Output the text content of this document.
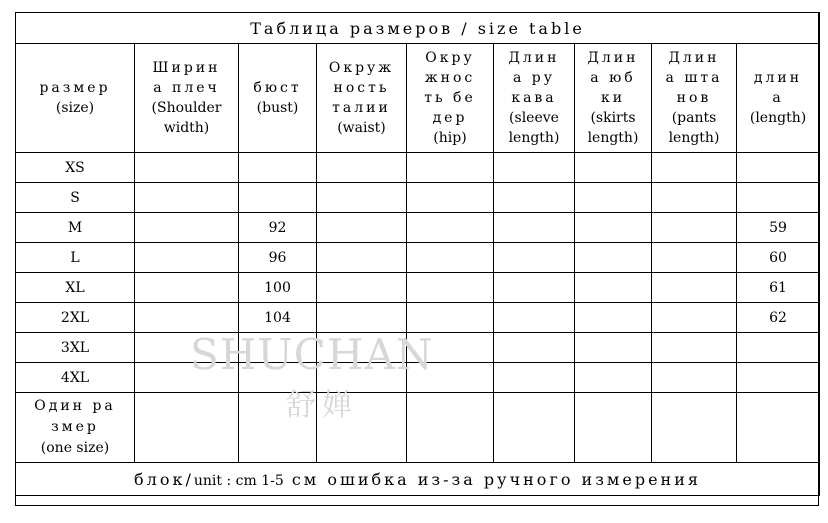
Таблица размеров / size table								
размер
(size)	Ширин
а плеч
(Shoulder
width)	бюст
(bust)	Окруж
ность
талии
(waist)	Окру
жнос
ть бе
дер
(hip)	Длин
а ру
кава
(sleeve
length)	Длин
а юб
ки
(skirts
length)	Длин
а шта
нов
(pants
length)	длин
а
(length)
XS								
S								
M		92						59
L		96						60
XL		100						61
2XL		104						62
3XL								
4XL								
Один ра
змер
(one size)								
блок/unit : cm 1-5 см ошибка из-за ручного измерения								
SHUCHAN
舒婵
